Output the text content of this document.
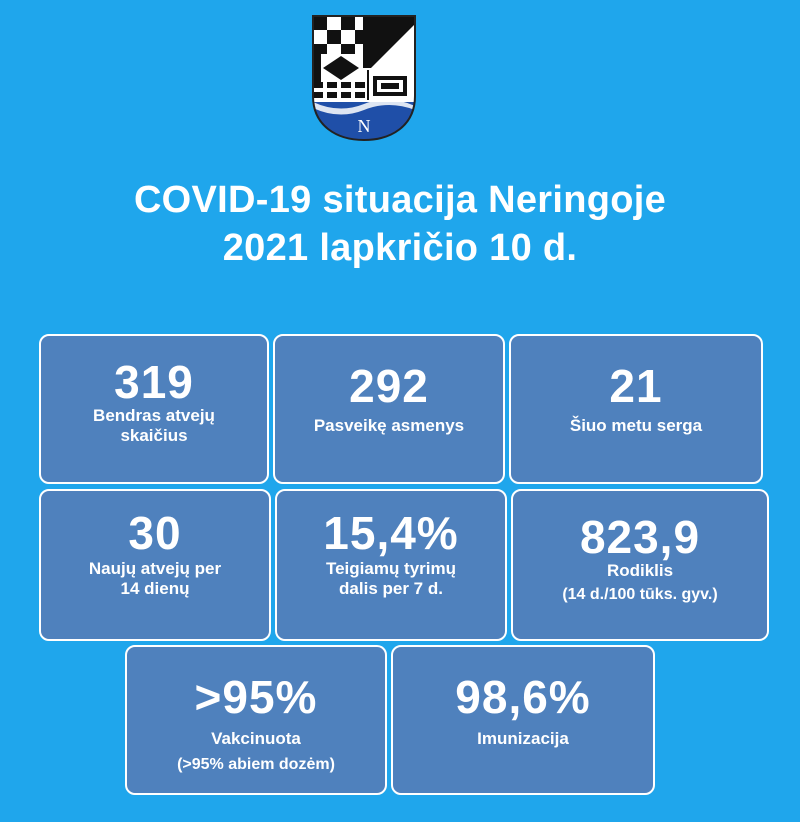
N
COVID-19 situacija Neringoje
2021 lapkričio 10 d.
319
Bendras atvejų
skaičius
292
Pasveikę asmenys
21
Šiuo metu serga
30
Naujų atvejų per
14 dienų
15,4%
Teigiamų tyrimų
dalis per 7 d.
823,9
Rodiklis
(14 d./100 tūks. gyv.)
>95%
Vakcinuota
(>95% abiem dozėm)
98,6%
Imunizacija
